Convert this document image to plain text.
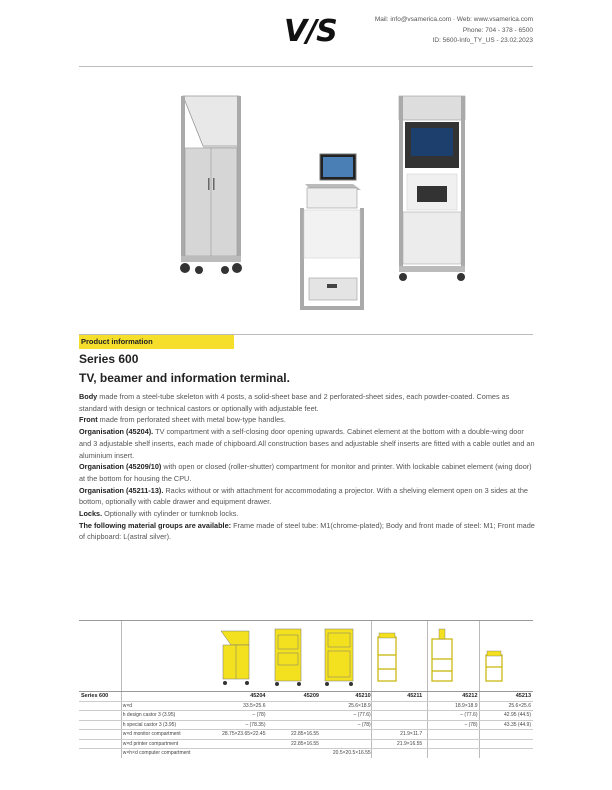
V/S	Mail: info@vsamerica.com · Web: www.vsamerica.com
Phone: 704 - 378 - 6500
ID: 5600-Info_TY_US - 23.02.2023
Product information
Series 600
TV, beamer and information terminal.

Body made from a steel-tube skeleton with 4 posts, a solid-sheet base and 2 perforated-sheet sides, each powder-coated. Comes as standard with design or technical castors or optionally with adjustable feet.

Front made from perforated sheet with metal bow-type handles.

Organisation (45204). TV compartment with a self-closing door opening upwards. Cabinet element at the bottom with a double-wing door and 3 adjustable shelf inserts, each made of chipboard.All construction bases and adjustable shelf inserts are fitted with a cable outlet and an aluminium insert.

Organisation (45209/10) with open or closed (roller-shutter) compartment for monitor and printer. With lockable cabinet element (wing door) at the bottom for housing the CPU.

Organisation (45211-13). Racks without or with attachment for accommodating a projector. With a shelving element open on 3 sides at the bottom, optionally with cable drawer and equipment drawer.

Locks. Optionally with cylinder or turnknob locks.

The following material groups are available: Frame made of steel tube: M1(chrome-plated); Body and front made of steel: M1; Front made of chipboard: L(astral silver).

Series 600		45204	45209	45210	45211	45212	45213
	w×d	33.5×25.6		25.6×18.9		18.9×18.9	25.6×25.6
	h design castor 3 (3.95)	– (78)		– (77.6)		– (77.6)	42.95 (44.5)
	h special castor 3 (3.95)	– (78.35)		– (78)		– (78)	43.35 (44.9)
	w×d monitor compartment	28.75×23.65×22.45	22.85×16.55		21.9×11.7		
	w×d printer compartment		22.85×16.55		21.9×16.55		
	w×h×d computer compartment			20.5×20.5×16.55			
